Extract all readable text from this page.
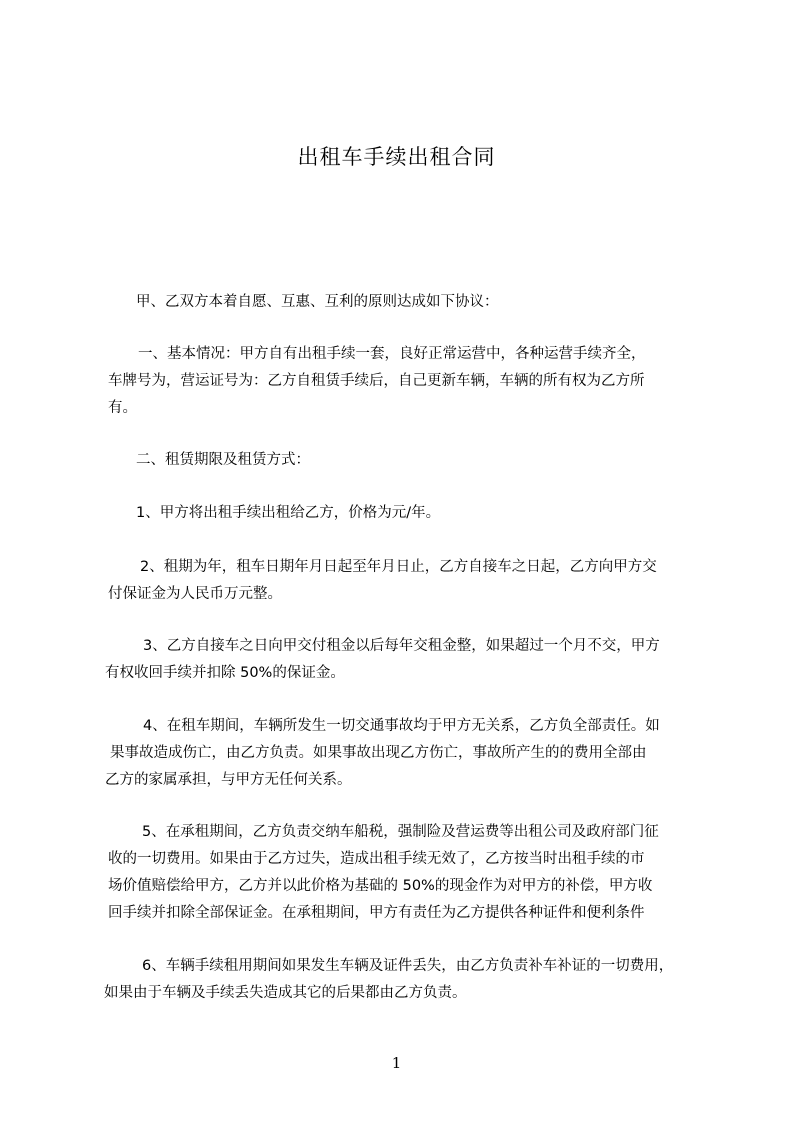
出租车手续出租合同
甲、乙双方本着自愿、互惠、互利的原则达成如下协议：
一、基本情况：甲方自有出租手续一套，良好正常运营中，各种运营手续齐全，
车牌号为，营运证号为：乙方自租赁手续后，自己更新车辆，车辆的所有权为乙方所
有。
二、租赁期限及租赁方式：
1、甲方将出租手续出租给乙方，价格为元/年。
2、租期为年，租车日期年月日起至年月日止，乙方自接车之日起，乙方向甲方交
付保证金为人民币万元整。
3、乙方自接车之日向甲交付租金以后每年交租金整，如果超过一个月不交，甲方
有权收回手续并扣除 50%的保证金。
4、在租车期间，车辆所发生一切交通事故均于甲方无关系，乙方负全部责任。如
果事故造成伤亡，由乙方负责。如果事故出现乙方伤亡，事故所产生的的费用全部由
乙方的家属承担，与甲方无任何关系。
5、在承租期间，乙方负责交纳车船税，强制险及营运费等出租公司及政府部门征
收的一切费用。如果由于乙方过失，造成出租手续无效了，乙方按当时出租手续的市
场价值赔偿给甲方，乙方并以此价格为基础的 50%的现金作为对甲方的补偿，甲方收
回手续并扣除全部保证金。在承租期间，甲方有责任为乙方提供各种证件和便利条件
6、车辆手续租用期间如果发生车辆及证件丢失，由乙方负责补车补证的一切费用，
如果由于车辆及手续丢失造成其它的后果都由乙方负责。
1
